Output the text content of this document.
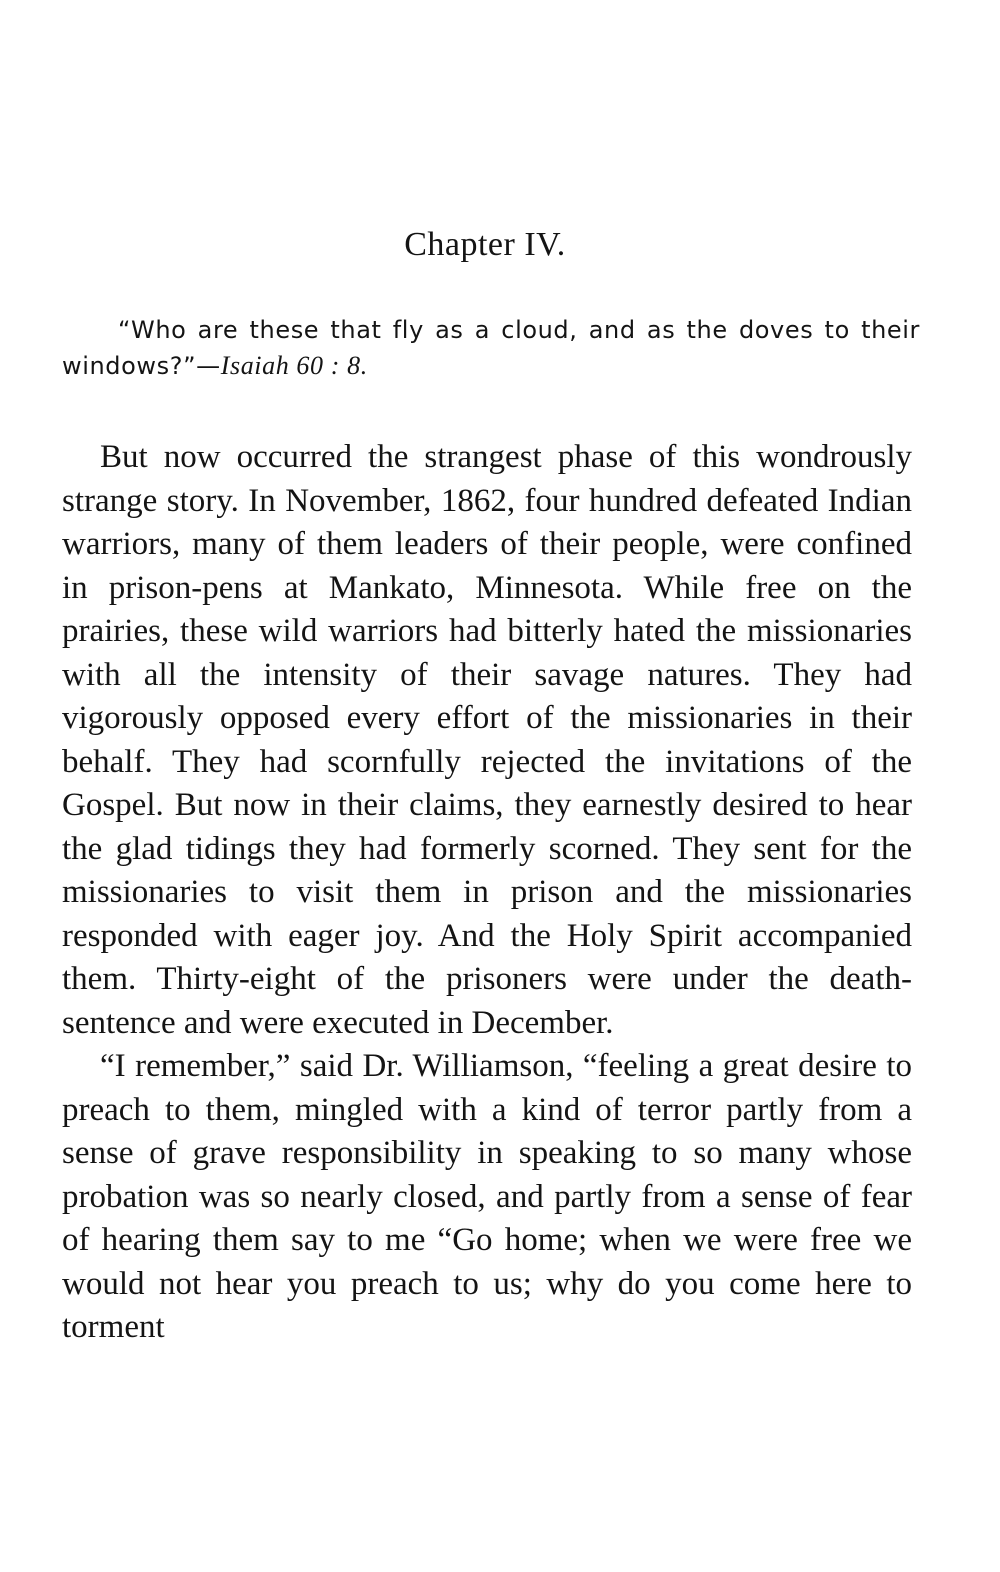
Chapter IV.

“Who are these that fly as a cloud, and as the doves to their windows?”—Isaiah 60 : 8.

But now occurred the strangest phase of this wondrously strange story. In November, 1862, four hundred defeated Indian warriors, many of them leaders of their people, were confined in prison-pens at Mankato, Minnesota. While free on the prairies, these wild warriors had bitterly hated the missionaries with all the intensity of their savage natures. They had vigorously opposed every effort of the missionaries in their behalf. They had scornfully rejected the invitations of the Gospel. But now in their claims, they earnestly desired to hear the glad tidings they had formerly scorned. They sent for the missionaries to visit them in prison and the missionaries responded with eager joy. And the Holy Spirit accompanied them. Thirty-eight of the prisoners were under the death-sentence and were executed in December.

“I remember,” said Dr. Williamson, “feeling a great desire to preach to them, mingled with a kind of terror partly from a sense of grave responsibility in speaking to so many whose probation was so nearly closed, and partly from a sense of fear of hearing them say to me “Go home; when we were free we would not hear you preach to us; why do you come here to torment
